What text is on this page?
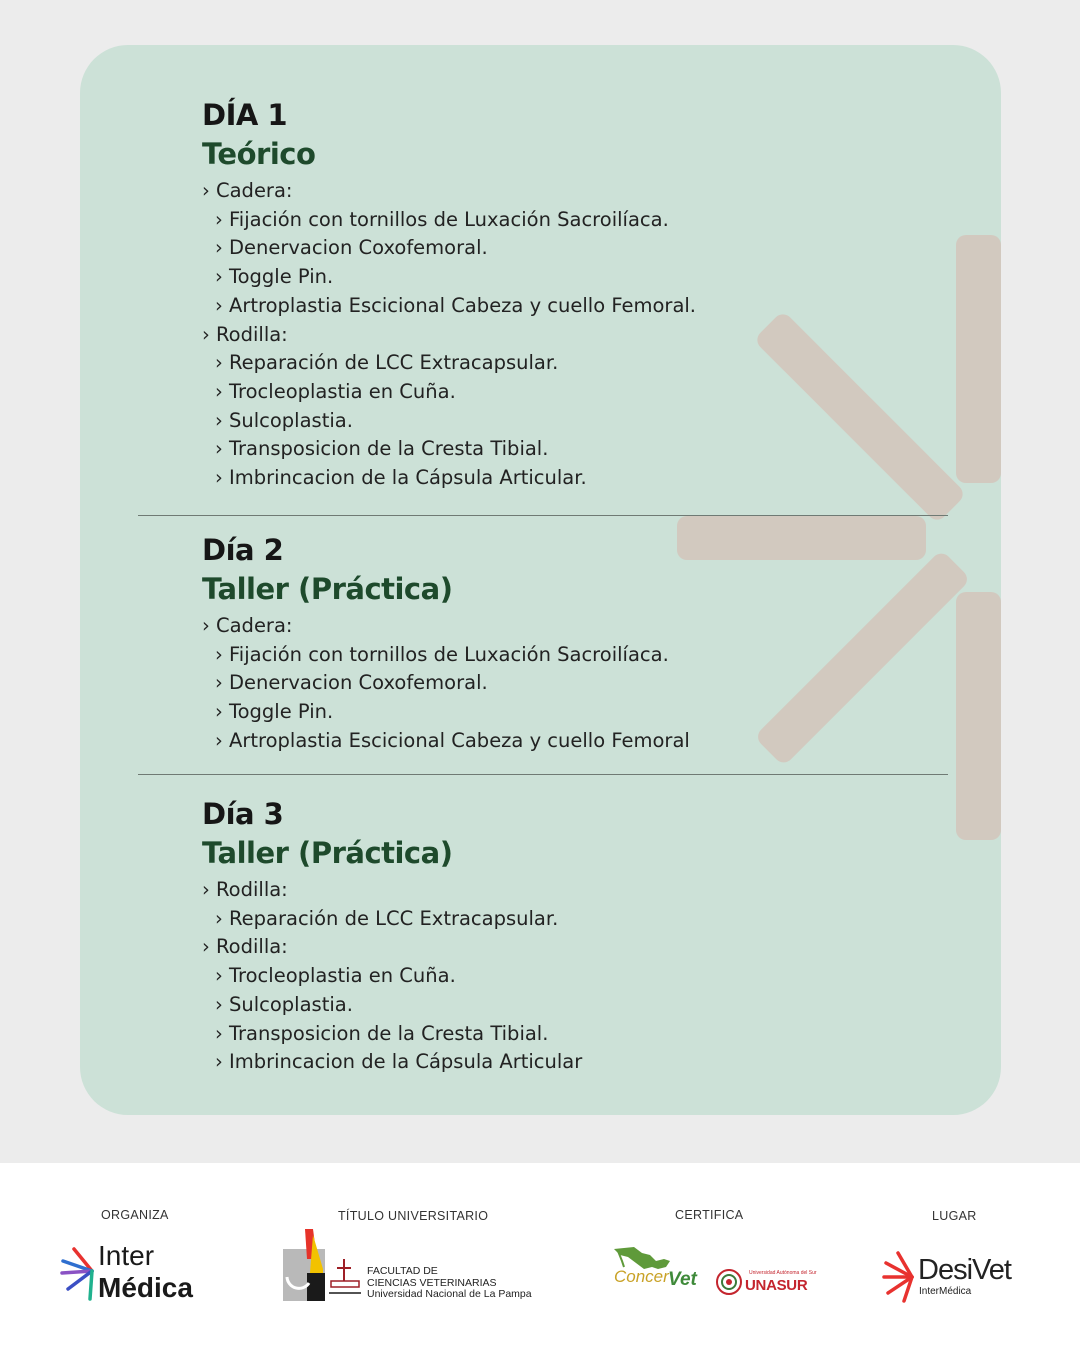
DÍA 1
Teórico
› Cadera:
› Fijación con tornillos de Luxación Sacroilíaca.
› Denervacion Coxofemoral.
› Toggle Pin.
› Artroplastia Escicional Cabeza y cuello Femoral.
› Rodilla:
› Reparación de LCC Extracapsular.
› Trocleoplastia en Cuña.
› Sulcoplastia.
› Transposicion de la Cresta Tibial.
› Imbrincacion de la Cápsula Articular.
Día 2
Taller (Práctica)
› Cadera:
› Fijación con tornillos de Luxación Sacroilíaca.
› Denervacion Coxofemoral.
› Toggle Pin.
› Artroplastia Escicional Cabeza y cuello Femoral
Día 3
Taller (Práctica)
› Rodilla:
› Reparación de LCC Extracapsular.
› Rodilla:
› Trocleoplastia en Cuña.
› Sulcoplastia.
› Transposicion de la Cresta Tibial.
› Imbrincacion de la Cápsula Articular
ORGANIZA	TÍTULO UNIVERSITARIO	CERTIFICA	LUGAR
Inter
Médica
FACULTAD DE
CIENCIAS VETERINARIAS
Universidad Nacional de La Pampa
Concer Vet	Universidad Autónoma del Sur
UNASUR	DesiVet
InterMédica
